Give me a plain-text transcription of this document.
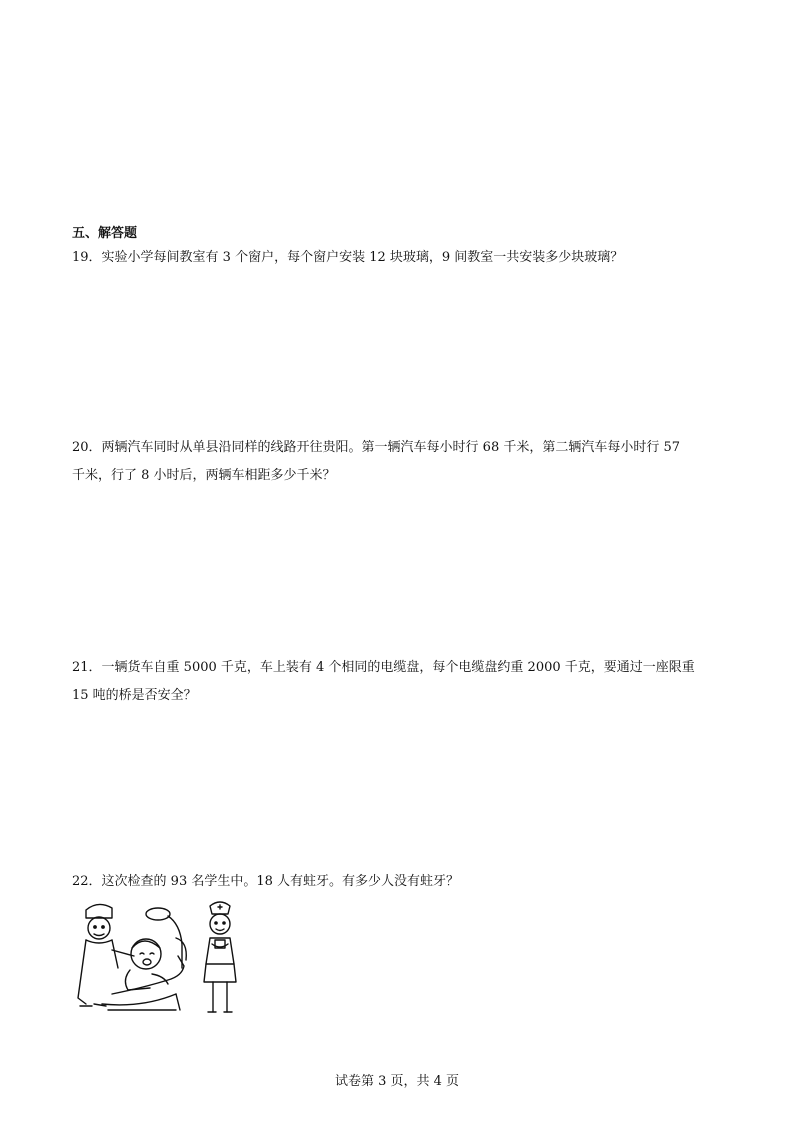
五、解答题
19．实验小学每间教室有 3 个窗户，每个窗户安装 12 块玻璃，9 间教室一共安装多少块玻璃？
20．两辆汽车同时从单县沿同样的线路开往贵阳。第一辆汽车每小时行 68 千米，第二辆汽车每小时行 57
千米，行了 8 小时后，两辆车相距多少千米？
21．一辆货车自重 5000 千克，车上装有 4 个相同的电缆盘，每个电缆盘约重 2000 千克，要通过一座限重
15 吨的桥是否安全？
22．这次检查的 93 名学生中。18 人有蛀牙。有多少人没有蛀牙？
试卷第 3 页，共 4 页
